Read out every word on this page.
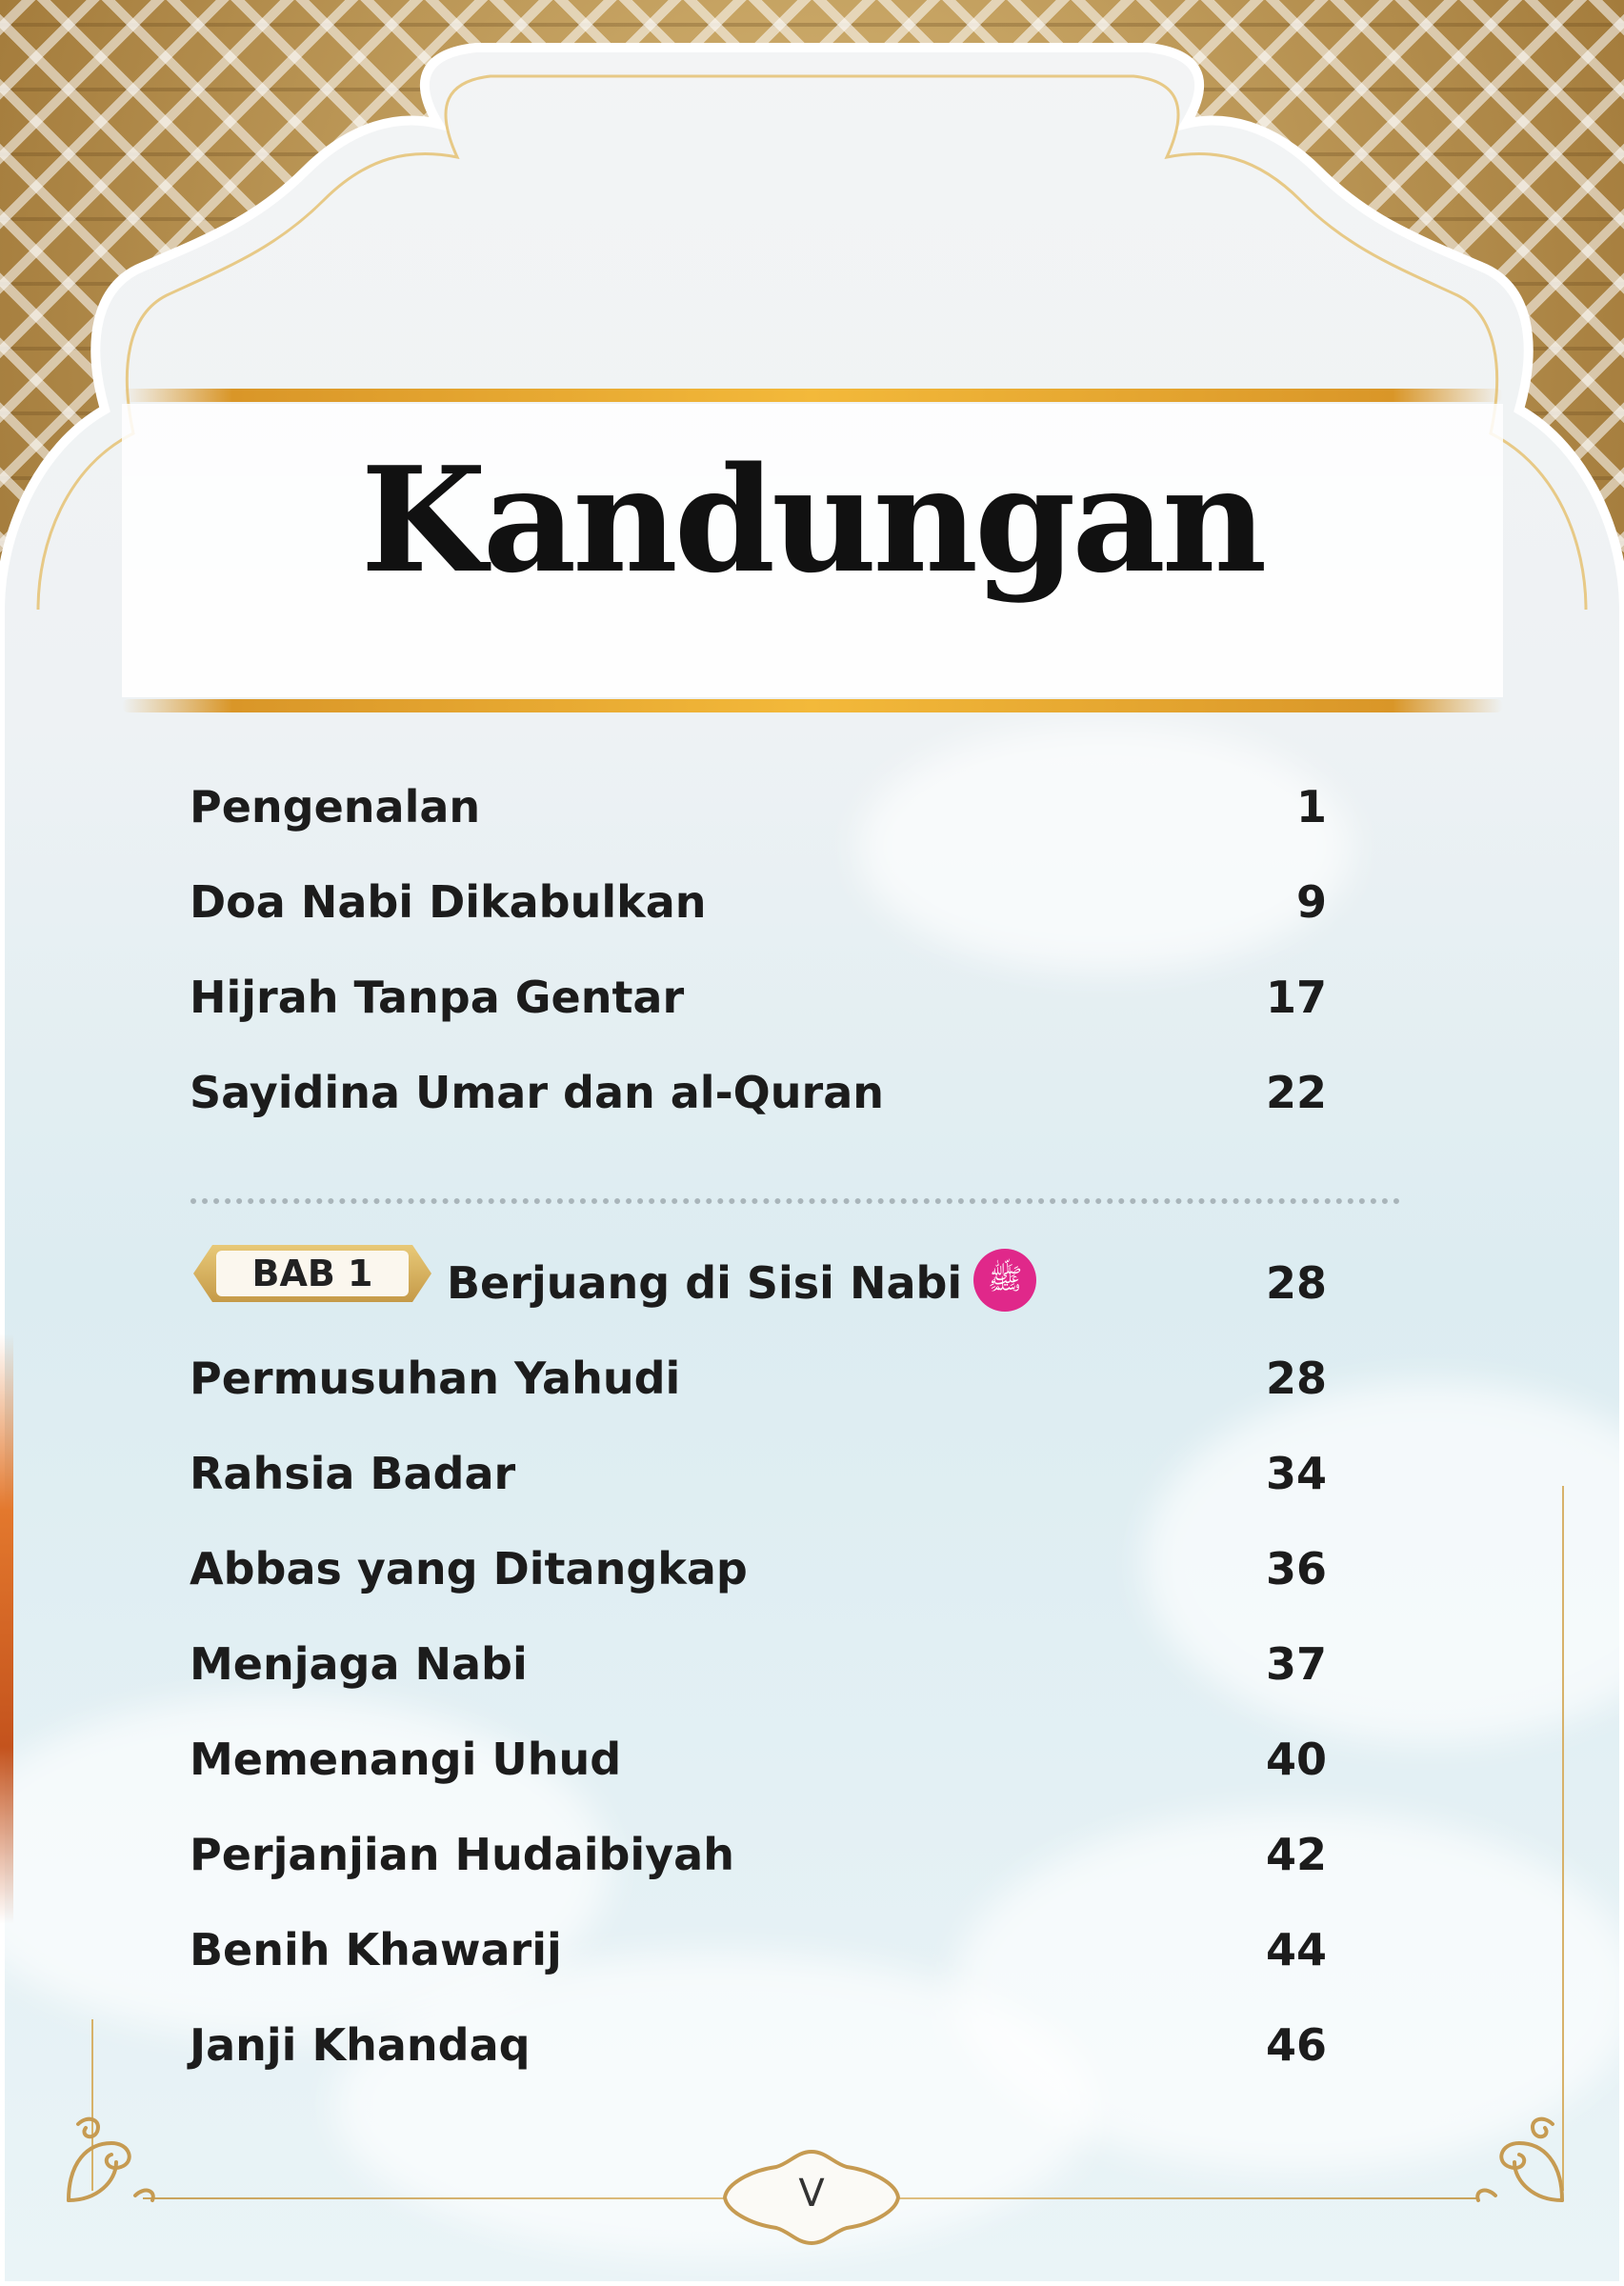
Kandungan
Pengenalan	1
Doa Nabi Dikabulkan	9
Hijrah Tanpa Gentar	17
Sayidina Umar dan al-Quran	22
BAB 1	Berjuang di Sisi Nabi	28
ﷺ
Permusuhan Yahudi	28
Rahsia Badar	34
Abbas yang Ditangkap	36
Menjaga Nabi	37
Memenangi Uhud	40
Perjanjian Hudaibiyah	42
Benih Khawarij	44
Janji Khandaq	46
V
